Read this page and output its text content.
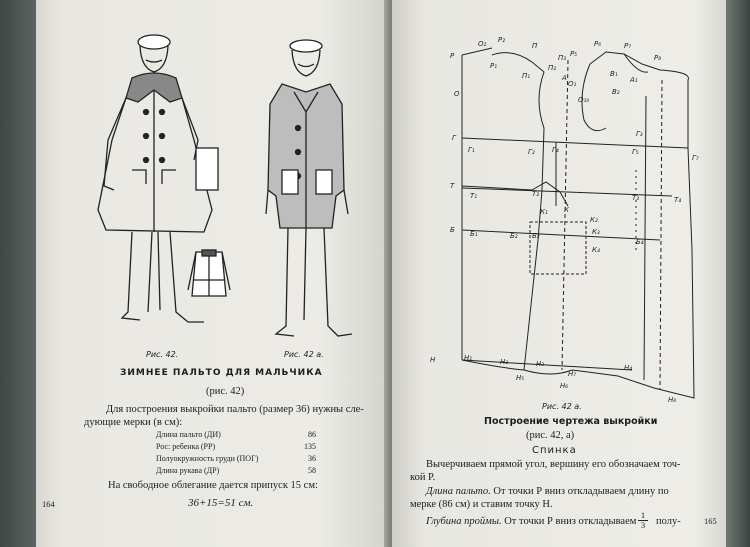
Рис. 42.	Рис. 42 а.
ЗИМНЕЕ ПАЛЬТО ДЛЯ МАЛЬЧИКА
(рис. 42)
Для построения выкройки пальто (размер 36) нужны сле-
дующие мерки (в см):
Длина пальто (ДИ)	86
Рос: ребенка (РР)	135
Полуокружность груди (ПОГ)	36
Длина рукава (ДР)	58
На свободное облегание дается припуск 15 см:
36+15=51 см.
164
Р
О₂
Р₁
Р₂
О
П
П₁
П₂
П₃ Р₅
Р₆	Р₇
Р₈
А	А₁
В₁
В₂
О₁
О₁₀
Г
Г₁	Г₂ Г₄	Г₅
Г₃
Г₇
Т
Т₁	Т₂	Т₃	Т₄
Б Б₁	Б₂ Б₃
Б₄
К
К₁
К₂
К₃
К₄
Н	Н₁	Н₂	Н₃	Н₄
Н₅
Н₆
Н₇
Н₈
Рис. 42 а.
Построение чертежа выкройки
(рис. 42, а)
Спинка
Вычерчиваем прямой угол, вершину его обозначаем точ-
кой Р.
Длина пальто. От точки Р вниз откладываем длину по
мерке (86 см) и ставим точку Н.
Глубина проймы. От точки Р вниз откладываем $\frac{1}{3}$ полу-	165
